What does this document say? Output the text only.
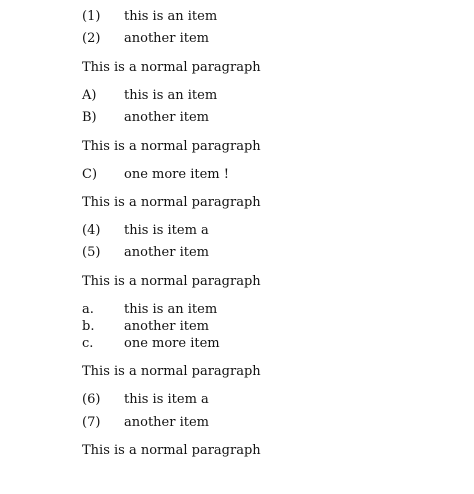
(1) this is an item
(2) another item
This is a normal paragraph
A) this is an item
B) another item
This is a normal paragraph
C) one more item !
This is a normal paragraph
(4) this is item a
(5) another item
This is a normal paragraph
a. this is an item
b. another item
c. one more item
This is a normal paragraph
(6) this is item a
(7) another item
This is a normal paragraph
